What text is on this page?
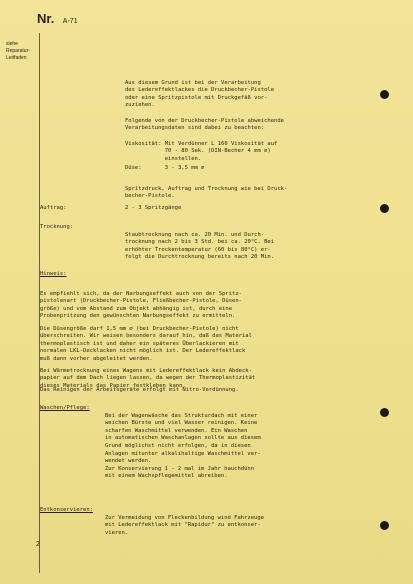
Nr. A-71
siehe
Reparatur-
Leitfaden

Aus diesem Grund ist bei der Verarbeitung
des Ledereffektlackes die Druckbecher-Pistole
oder eine Spritzpistole mit Druckgefäß vor-
zuziehen.

Folgende von der Druckbecher-Pistole abweichende
Verarbeitungsdaten sind dabei zu beachten:

Viskosität: Mit Verdünner L 160 Viskosität auf
70 - 80 Sek. (DIN-Becher 4 mm ∅)
einstellen.
Düse:       3 - 3,5 mm ∅

Spritzdruck, Auftrag und Trocknung wie bei Druck-
becher-Pistole.
Auftrag:	2 - 3 Spritzgänge
Trocknung:

Staubtrocknung nach ca. 20 Min. und Durch-
trocknung nach 2 bis 3 Std. bei ca. 20°C. Bei
erhöhter Trockentemperatur (60 bis 80°C) er-
folgt die Durchtrocknung bereits nach 20 Min.
Hinweis:

Es empfiehlt sich, da der Narbungseffekt auch von der Spritz-
pistolenart (Druckbecher-Pistole, Fließbecher-Pistole, Düsen-
größe) und vom Abstand zum Objekt abhängig ist, durch eine
Probenpritzung den gewünschten Narbungseffekt zu ermitteln.

Die Düsengröße darf 1,5 mm ∅ (bei Druckbecher-Pistole) nicht
überschreiten. Wir weisen besonders darauf hin, daß das Material
thermoplastisch ist und daher ein späteres Überlackieren mit
normalen LKL-Decklacken nicht möglich ist. Der Ledereffektlack
muß dann vorher abgeleitet werden.

Bei Wärmetrocknung eines Wagens mit Ledereffektlack kein Abdeck-
papier auf dem Dach liegen lassen, da wegen der Thermoplastizität
dieses Materials das Papier festkleben kann.
Das Reinigen der Arbeitsgeräte erfolgt mit Nitro-Verdünnung.
Waschen/Pflege:

Bei der Wagenwäsche das Strukturdach mit einer
weichen Bürste und viel Wasser reinigen. Keine
scharfen Waschmittel verwenden. Ein Waschen
in automatischen Waschanlagen sollte aus diesem
Grund möglichst nicht erfolgen, da in diesen
Anlagen mitunter alkalihaltige Waschmittel ver-
wendet werden.
Zur Konservierung 1 - 2 mal im Jahr hauchdünn
mit einem Wachspflegemittel abreiben.
Entkonservieren:

Zur Vermeidung von Fleckenbildung wind Fahrzeuge
mit Ledereffektlack mit "Rapidur" zu entkonser-
vieren.
2
